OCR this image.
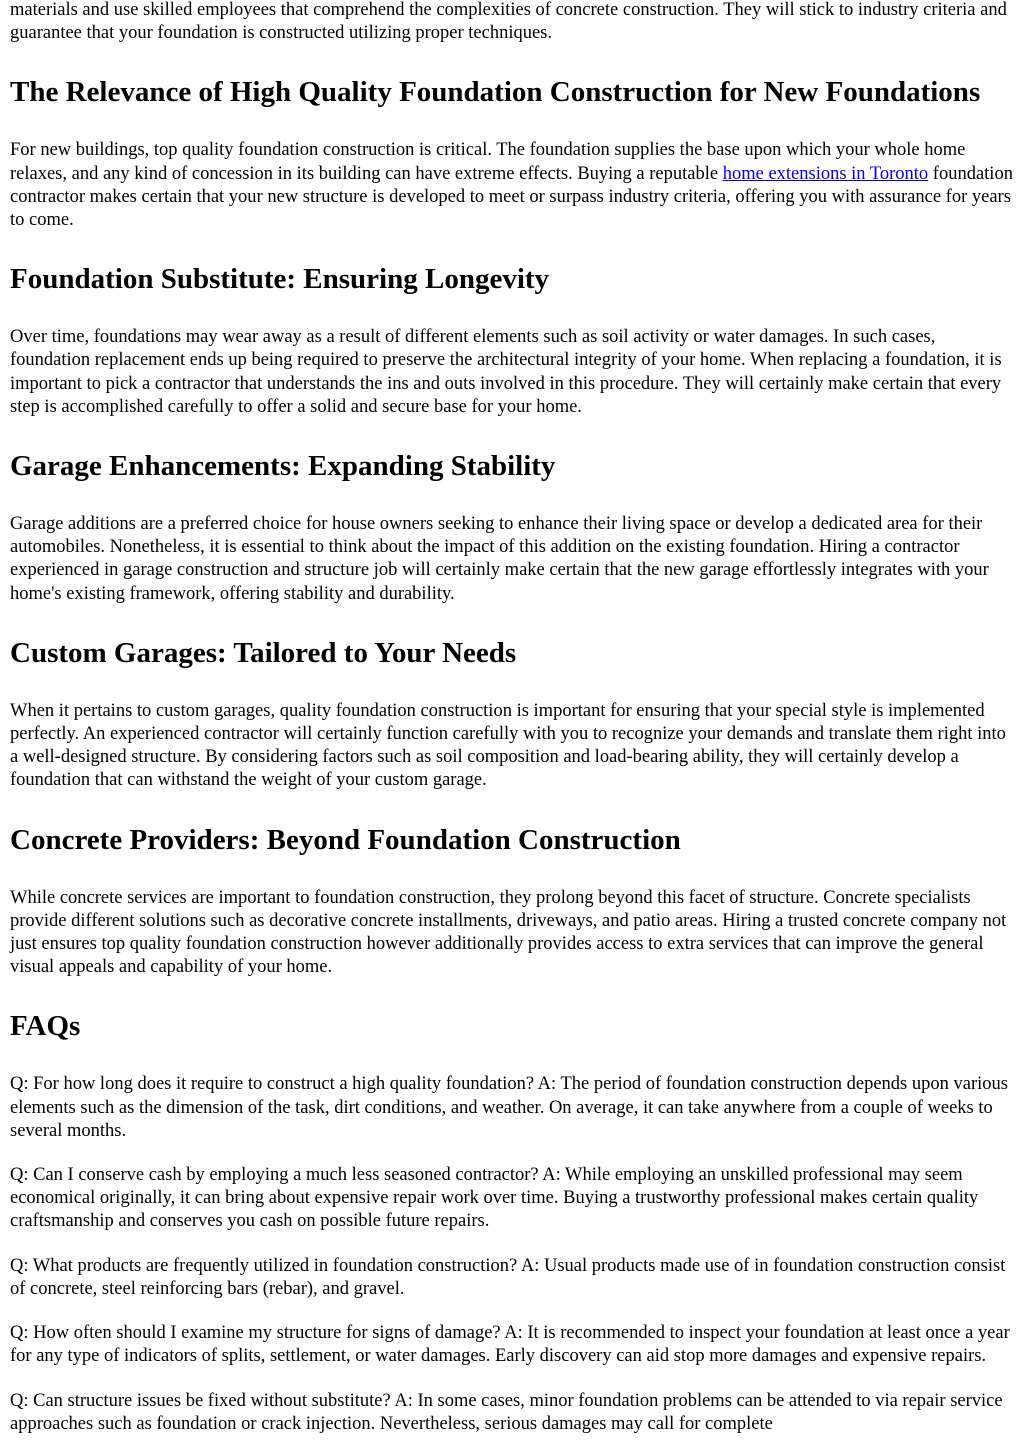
materials and use skilled employees that comprehend the complexities of concrete construction. They will stick to industry criteria and guarantee that your foundation is constructed utilizing proper techniques.

The Relevance of High Quality Foundation Construction for New Foundations

For new buildings, top quality foundation construction is critical. The foundation supplies the base upon which your whole home relaxes, and any kind of concession in its building can have extreme effects. Buying a reputable home extensions in Toronto foundation contractor makes certain that your new structure is developed to meet or surpass industry criteria, offering you with assurance for years to come.

Foundation Substitute: Ensuring Longevity

Over time, foundations may wear away as a result of different elements such as soil activity or water damages. In such cases, foundation replacement ends up being required to preserve the architectural integrity of your home. When replacing a foundation, it is important to pick a contractor that understands the ins and outs involved in this procedure. They will certainly make certain that every step is accomplished carefully to offer a solid and secure base for your home.

Garage Enhancements: Expanding Stability

Garage additions are a preferred choice for house owners seeking to enhance their living space or develop a dedicated area for their automobiles. Nonetheless, it is essential to think about the impact of this addition on the existing foundation. Hiring a contractor experienced in garage construction and structure job will certainly make certain that the new garage effortlessly integrates with your home's existing framework, offering stability and durability.

Custom Garages: Tailored to Your Needs

When it pertains to custom garages, quality foundation construction is important for ensuring that your special style is implemented perfectly. An experienced contractor will certainly function carefully with you to recognize your demands and translate them right into a well-designed structure. By considering factors such as soil composition and load-bearing ability, they will certainly develop a foundation that can withstand the weight of your custom garage.

Concrete Providers: Beyond Foundation Construction

While concrete services are important to foundation construction, they prolong beyond this facet of structure. Concrete specialists provide different solutions such as decorative concrete installments, driveways, and patio areas. Hiring a trusted concrete company not just ensures top quality foundation construction however additionally provides access to extra services that can improve the general visual appeals and capability of your home.

FAQs

Q: For how long does it require to construct a high quality foundation? A: The period of foundation construction depends upon various elements such as the dimension of the task, dirt conditions, and weather. On average, it can take anywhere from a couple of weeks to several months.

Q: Can I conserve cash by employing a much less seasoned contractor? A: While employing an unskilled professional may seem economical originally, it can bring about expensive repair work over time. Buying a trustworthy professional makes certain quality craftsmanship and conserves you cash on possible future repairs.

Q: What products are frequently utilized in foundation construction? A: Usual products made use of in foundation construction consist of concrete, steel reinforcing bars (rebar), and gravel.

Q: How often should I examine my structure for signs of damage? A: It is recommended to inspect your foundation at least once a year for any type of indicators of splits, settlement, or water damages. Early discovery can aid stop more damages and expensive repairs.

Q: Can structure issues be fixed without substitute? A: In some cases, minor foundation problems can be attended to via repair service approaches such as foundation or crack injection. Nevertheless, serious damages may call for complete
